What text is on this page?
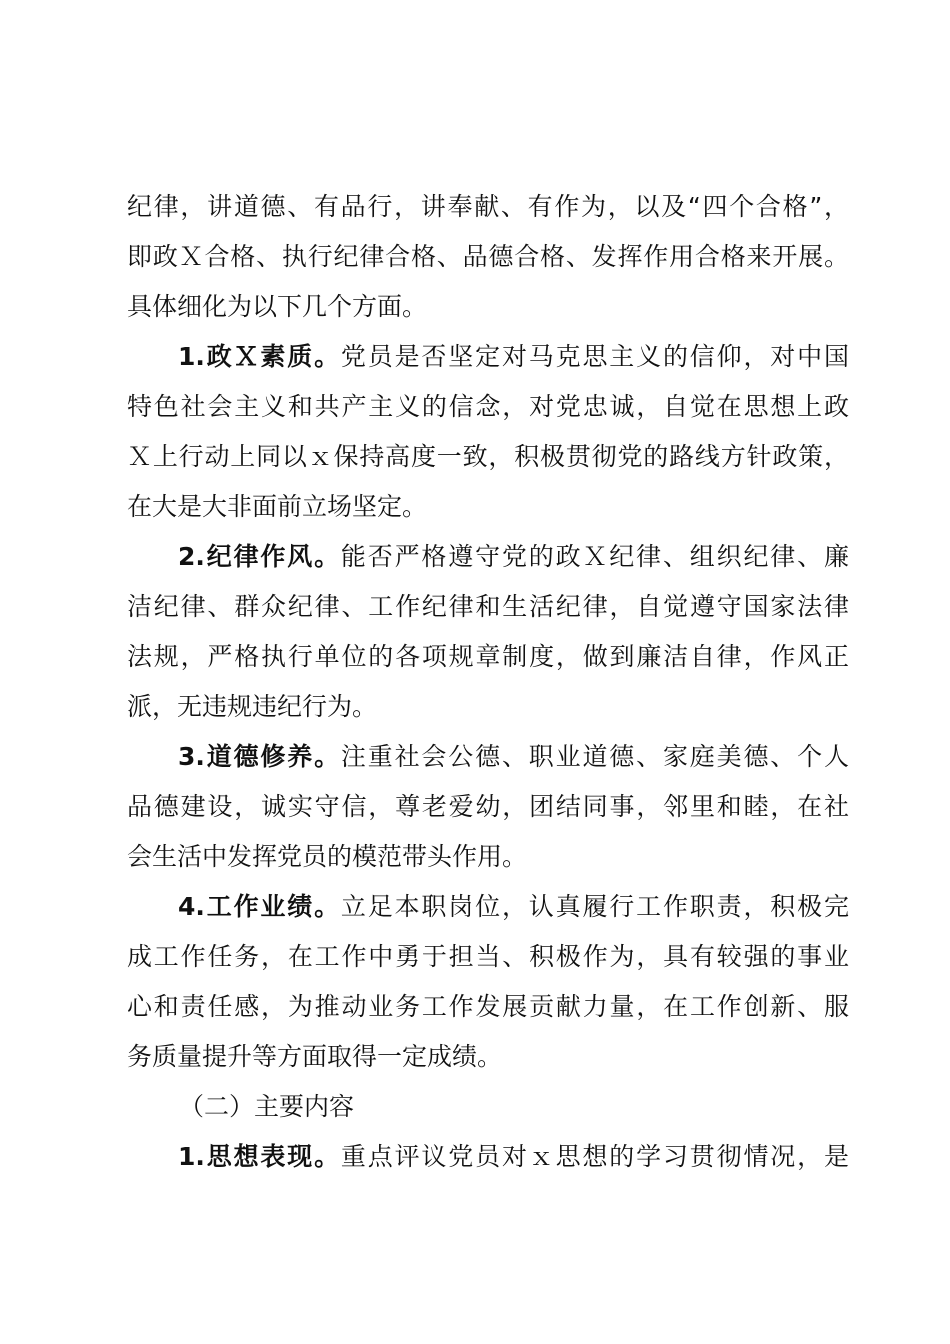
纪律，讲道德、有品行，讲奉献、有作为，以及“四个合格”，
即政Ｘ合格、执行纪律合格、品德合格、发挥作用合格来开展。
具体细化为以下几个方面。
1.政Ｘ素质。党员是否坚定对马克思主义的信仰，对中国
特色社会主义和共产主义的信念，对党忠诚，自觉在思想上政
Ｘ上行动上同以ｘ保持高度一致，积极贯彻党的路线方针政策，
在大是大非面前立场坚定。
2.纪律作风。能否严格遵守党的政Ｘ纪律、组织纪律、廉
洁纪律、群众纪律、工作纪律和生活纪律，自觉遵守国家法律
法规，严格执行单位的各项规章制度，做到廉洁自律，作风正
派，无违规违纪行为。
3.道德修养。注重社会公德、职业道德、家庭美德、个人
品德建设，诚实守信，尊老爱幼，团结同事，邻里和睦，在社
会生活中发挥党员的模范带头作用。
4.工作业绩。立足本职岗位，认真履行工作职责，积极完
成工作任务，在工作中勇于担当、积极作为，具有较强的事业
心和责任感，为推动业务工作发展贡献力量，在工作创新、服
务质量提升等方面取得一定成绩。
（二）主要内容
1.思想表现。重点评议党员对ｘ思想的学习贯彻情况，是
